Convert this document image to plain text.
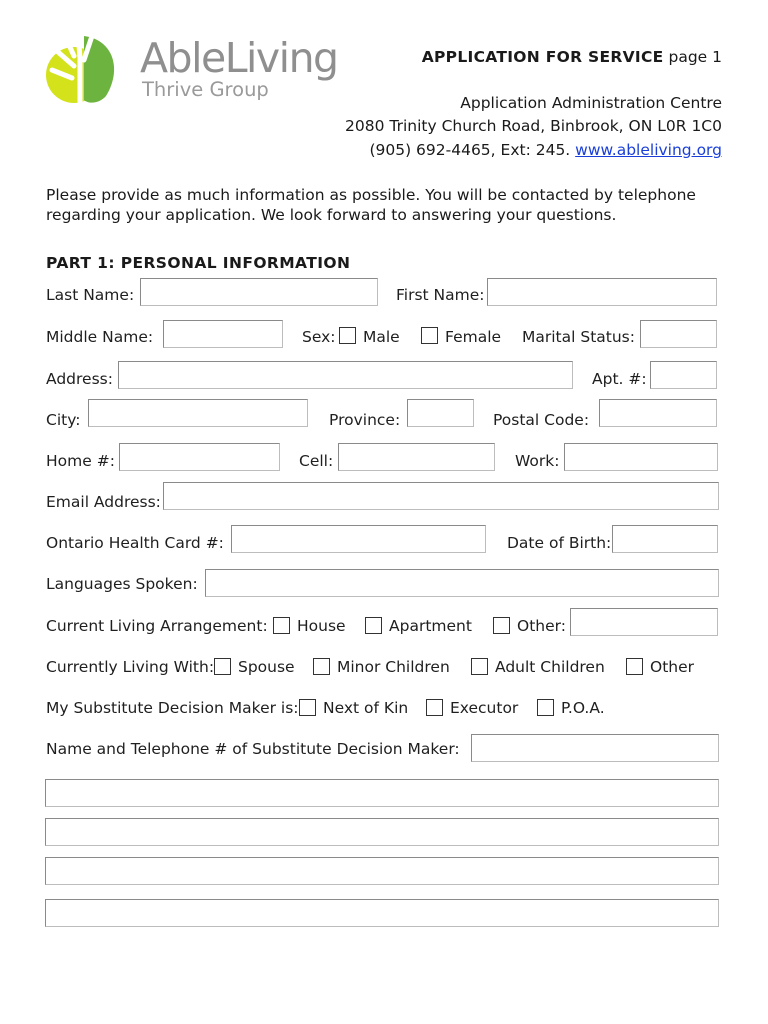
AbleLiving
Thrive Group
APPLICATION FOR SERVICE page 1
Application Administration Centre
2080 Trinity Church Road, Binbrook, ON L0R 1C0
(905) 692-4465, Ext: 245. www.ableliving.org
Please provide as much information as possible. You will be contacted by telephone regarding your application. We look forward to answering your questions.
PART 1: PERSONAL INFORMATION
Last Name:	First Name:
Middle Name:	Sex: Male	Female Marital Status:
Address:	Apt. #:
City:	Province:	Postal Code:
Home #:	Cell:	Work:
Email Address:
Ontario Health Card #:	Date of Birth:
Languages Spoken:
Current Living Arrangement: House	Apartment	Other:
Currently Living With: Spouse	Minor Children	Adult Children	Other
My Substitute Decision Maker is: Next of Kin	Executor	P.O.A.
Name and Telephone # of Substitute Decision Maker:
